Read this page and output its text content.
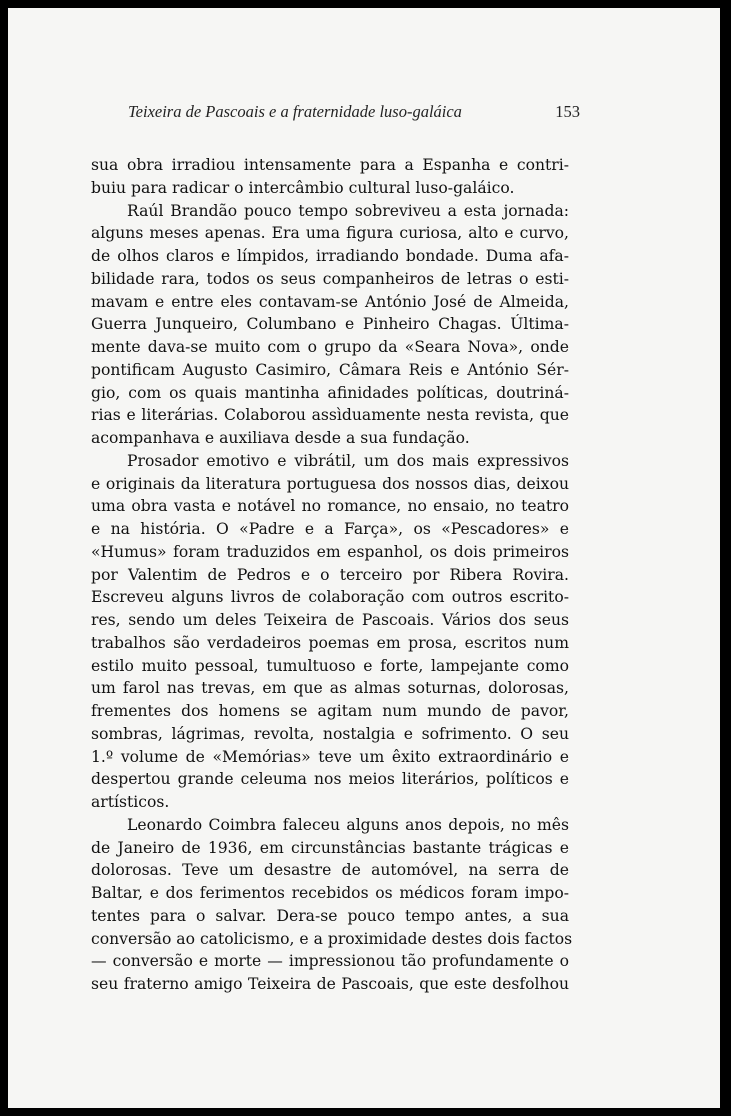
Teixeira de Pascoais e a fraternidade luso-galáica	153
sua obra irradiou intensamente para a Espanha e contri-
buiu para radicar o intercâmbio cultural luso-galáico.
Raúl Brandão pouco tempo sobreviveu a esta jornada:
alguns meses apenas. Era uma figura curiosa, alto e curvo,
de olhos claros e límpidos, irradiando bondade. Duma afa-
bilidade rara, todos os seus companheiros de letras o esti-
mavam e entre eles contavam-se António José de Almeida,
Guerra Junqueiro, Columbano e Pinheiro Chagas. Última-
mente dava-se muito com o grupo da «Seara Nova», onde
pontificam Augusto Casimiro, Câmara Reis e António Sér-
gio, com os quais mantinha afinidades políticas, doutriná-
rias e literárias. Colaborou assìduamente nesta revista, que
acompanhava e auxiliava desde a sua fundação.
Prosador emotivo e vibrátil, um dos mais expressivos
e originais da literatura portuguesa dos nossos dias, deixou
uma obra vasta e notável no romance, no ensaio, no teatro
e na história. O «Padre e a Farça», os «Pescadores» e
«Humus» foram traduzidos em espanhol, os dois primeiros
por Valentim de Pedros e o terceiro por Ribera Rovira.
Escreveu alguns livros de colaboração com outros escrito-
res, sendo um deles Teixeira de Pascoais. Vários dos seus
trabalhos são verdadeiros poemas em prosa, escritos num
estilo muito pessoal, tumultuoso e forte, lampejante como
um farol nas trevas, em que as almas soturnas, dolorosas,
frementes dos homens se agitam num mundo de pavor,
sombras, lágrimas, revolta, nostalgia e sofrimento. O seu
1.º volume de «Memórias» teve um êxito extraordinário e
despertou grande celeuma nos meios literários, políticos e
artísticos.
Leonardo Coimbra faleceu alguns anos depois, no mês
de Janeiro de 1936, em circunstâncias bastante trágicas e
dolorosas. Teve um desastre de automóvel, na serra de
Baltar, e dos ferimentos recebidos os médicos foram impo-
tentes para o salvar. Dera-se pouco tempo antes, a sua
conversão ao catolicismo, e a proximidade destes dois factos
— conversão e morte — impressionou tão profundamente o
seu fraterno amigo Teixeira de Pascoais, que este desfolhou
